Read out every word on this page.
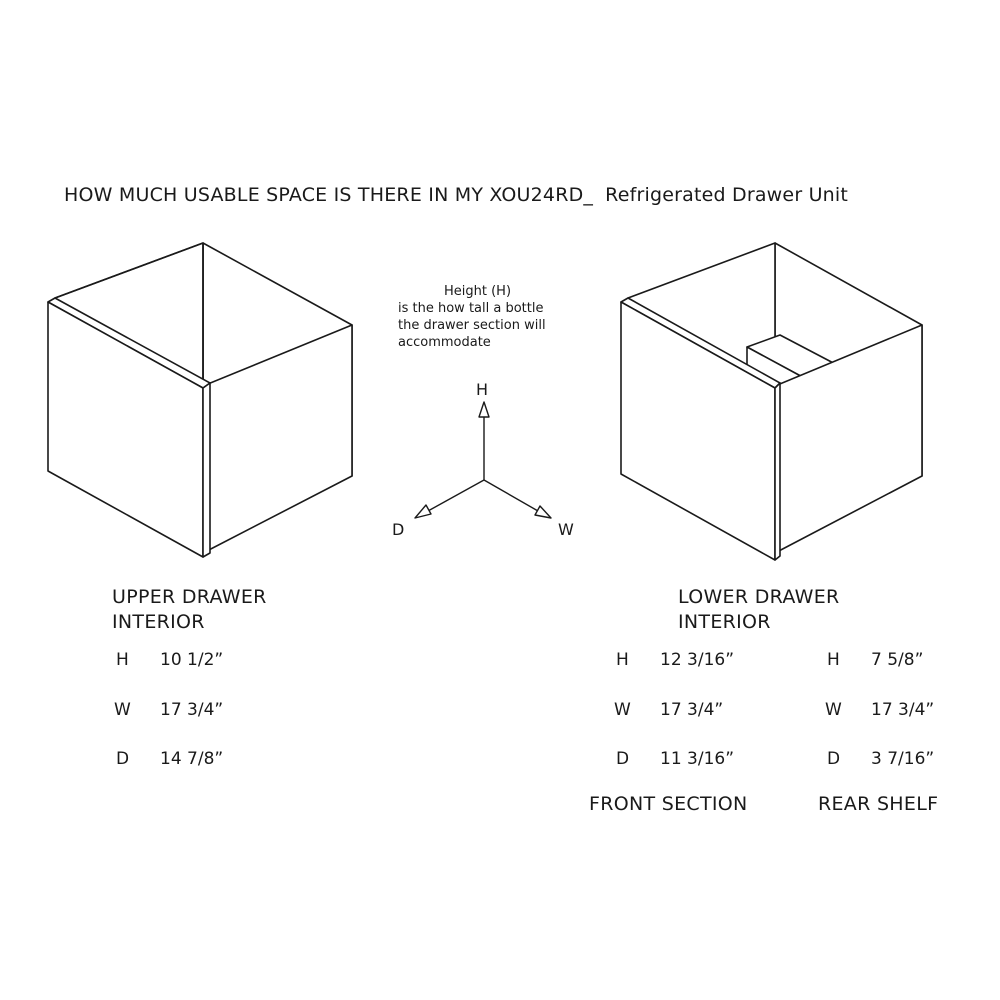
HOW MUCH USABLE SPACE IS THERE IN MY XOU24RD_ Refrigerated Drawer Unit
Height (H)
is the how tall a bottle
the drawer section will
accommodate
H
D	W
UPPER DRAWER
INTERIOR
H 10 1/2”
W 17 3/4”
D 14 7/8”
LOWER DRAWER
INTERIOR
H 12 3/16”
W 17 3/4”
D 11 3/16”
H 7 5/8”
W 17 3/4”
D 3 7/16”
FRONT SECTION	REAR SHELF
